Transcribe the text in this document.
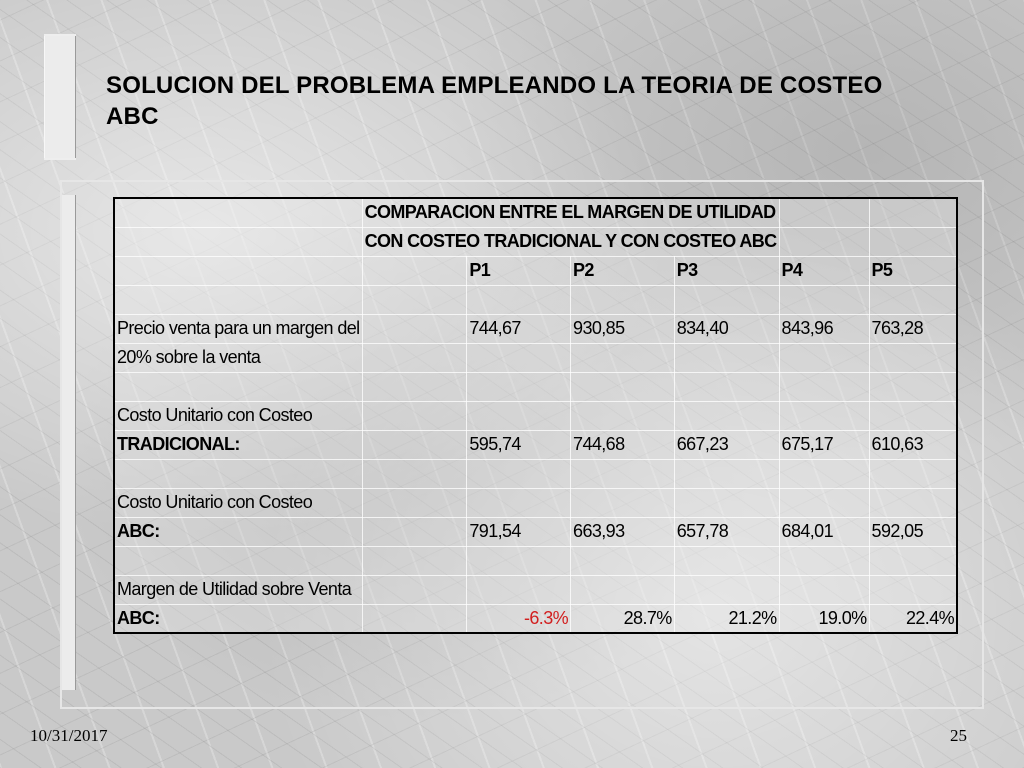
SOLUCION DEL PROBLEMA EMPLEANDO LA TEORIA DE COSTEO ABC
	COMPARACION ENTRE EL MARGEN DE UTILIDAD					
	CON COSTEO TRADICIONAL Y CON COSTEO ABC					
		P1	P2	P3	P4	P5

Precio venta para un margen del		744,67	930,85	834,40	843,96	763,28
20% sobre la venta						

Costo Unitario con Costeo						
TRADICIONAL:		595,74	744,68	667,23	675,17	610,63

Costo Unitario con Costeo						
ABC:		791,54	663,93	657,78	684,01	592,05

Margen de Utilidad sobre Venta						
ABC:		-6.3%	28.7%	21.2%	19.0%	22.4%
10/31/2017	25
